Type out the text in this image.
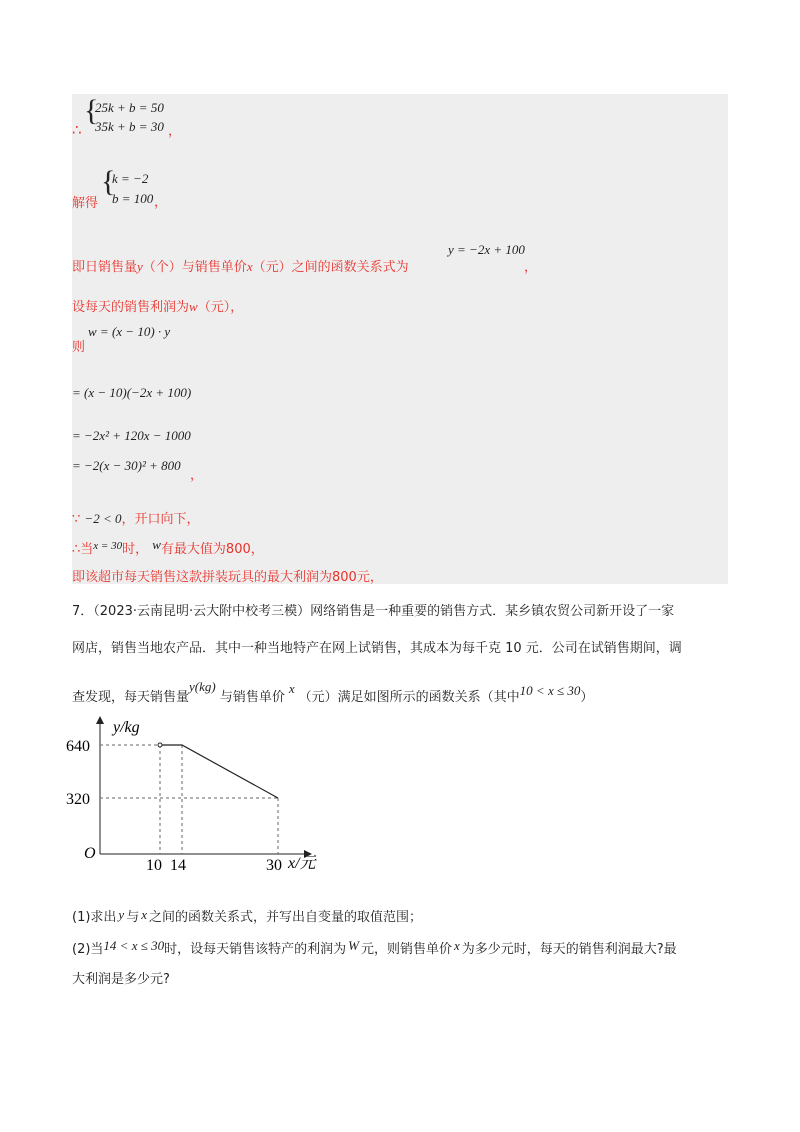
{
∴
25k + b = 50
35k + b = 30 ，
解得
{
k = −2
b = 100 ，
即日销售量y（个）与销售单价x（元）之间的函数关系式为
y = −2x + 100
，
设每天的销售利润为w（元），
则
w = (x − 10) · y
= (x − 10)(−2x + 100)
= −2x² + 120x − 1000
= −2(x − 30)² + 800
，
∵ −2 < 0，开口向下，
∴当$^{x = 30}$时， w有最大值为800，
即该超市每天销售这款拼装玩具的最大利润为800元，
7．（2023·云南昆明·云大附中校考三模）网络销售是一种重要的销售方式．某乡镇农贸公司新开设了一家
网店，销售当地农产品．其中一种当地特产在网上试销售，其成本为每千克 10 元．公司在试销售期间，调
查发现，每天销售量y(kg) 与销售单价x（元）满足如图所示的函数关系（其中10 < x ≤ 30）
y/kg
640
320
O
10 14	30 x/元
(1)求出 y 与 x 之间的函数关系式，并写出自变量的取值范围；
(2)当14 < x ≤ 30时，设每天销售该特产的利润为 W 元，则销售单价 x 为多少元时，每天的销售利润最大?最
大利润是多少元?
